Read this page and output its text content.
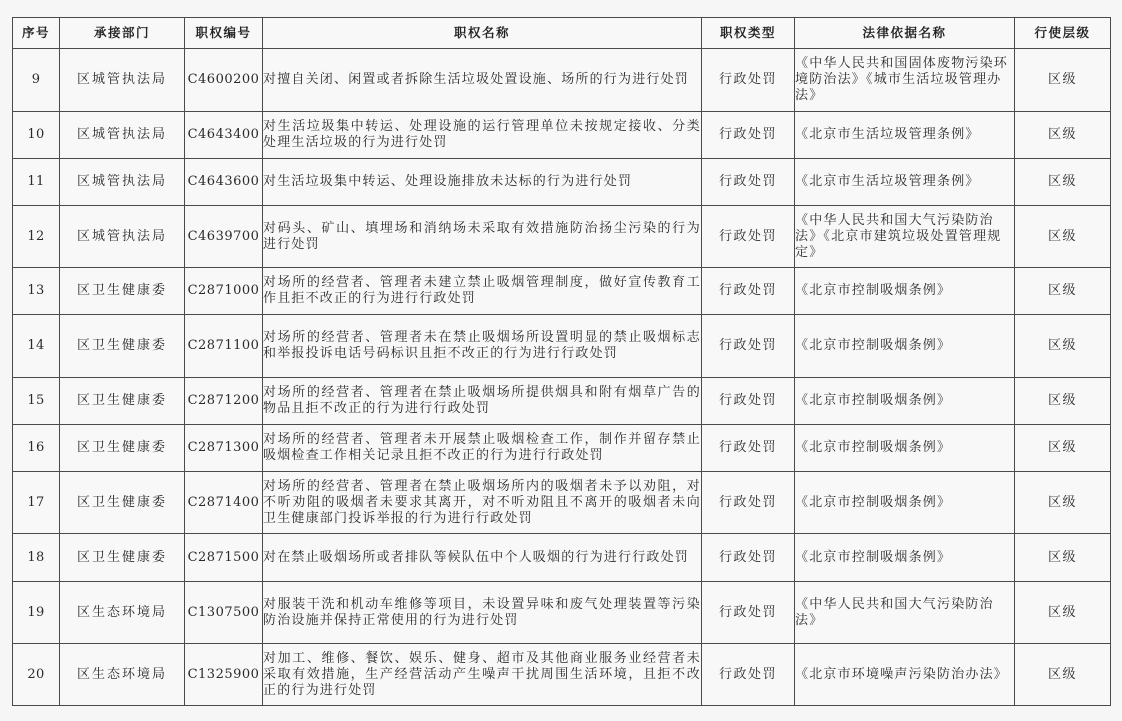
序号	承接部门	职权编号	职权名称	职权类型	法律依据名称	行使层级
9	区城管执法局	C4600200	对擅自关闭、闲置或者拆除生活垃圾处置设施、场所的行为进行处罚	行政处罚	《中华人民共和国固体废物污染环境防治法》《城市生活垃圾管理办法》	区级
10	区城管执法局	C4643400	对生活垃圾集中转运、处理设施的运行管理单位未按规定接收、分类处理生活垃圾的行为进行处罚	行政处罚	《北京市生活垃圾管理条例》	区级
11	区城管执法局	C4643600	对生活垃圾集中转运、处理设施排放未达标的行为进行处罚	行政处罚	《北京市生活垃圾管理条例》	区级
12	区城管执法局	C4639700	对码头、矿山、填埋场和消纳场未采取有效措施防治扬尘污染的行为进行处罚	行政处罚	《中华人民共和国大气污染防治法》《北京市建筑垃圾处置管理规定》	区级
13	区卫生健康委	C2871000	对场所的经营者、管理者未建立禁止吸烟管理制度，做好宣传教育工作且拒不改正的行为进行行政处罚	行政处罚	《北京市控制吸烟条例》	区级
14	区卫生健康委	C2871100	对场所的经营者、管理者未在禁止吸烟场所设置明显的禁止吸烟标志和举报投诉电话号码标识且拒不改正的行为进行行政处罚	行政处罚	《北京市控制吸烟条例》	区级
15	区卫生健康委	C2871200	对场所的经营者、管理者在禁止吸烟场所提供烟具和附有烟草广告的物品且拒不改正的行为进行行政处罚	行政处罚	《北京市控制吸烟条例》	区级
16	区卫生健康委	C2871300	对场所的经营者、管理者未开展禁止吸烟检查工作，制作并留存禁止吸烟检查工作相关记录且拒不改正的行为进行行政处罚	行政处罚	《北京市控制吸烟条例》	区级
17	区卫生健康委	C2871400	对场所的经营者、管理者在禁止吸烟场所内的吸烟者未予以劝阻，对不听劝阻的吸烟者未要求其离开，对不听劝阻且不离开的吸烟者未向卫生健康部门投诉举报的行为进行行政处罚	行政处罚	《北京市控制吸烟条例》	区级
18	区卫生健康委	C2871500	对在禁止吸烟场所或者排队等候队伍中个人吸烟的行为进行行政处罚	行政处罚	《北京市控制吸烟条例》	区级
19	区生态环境局	C1307500	对服装干洗和机动车维修等项目，未设置异味和废气处理装置等污染防治设施并保持正常使用的行为进行处罚	行政处罚	《中华人民共和国大气污染防治法》	区级
20	区生态环境局	C1325900	对加工、维修、餐饮、娱乐、健身、超市及其他商业服务业经营者未采取有效措施，生产经营活动产生噪声干扰周围生活环境，且拒不改正的行为进行处罚	行政处罚	《北京市环境噪声污染防治办法》	区级
